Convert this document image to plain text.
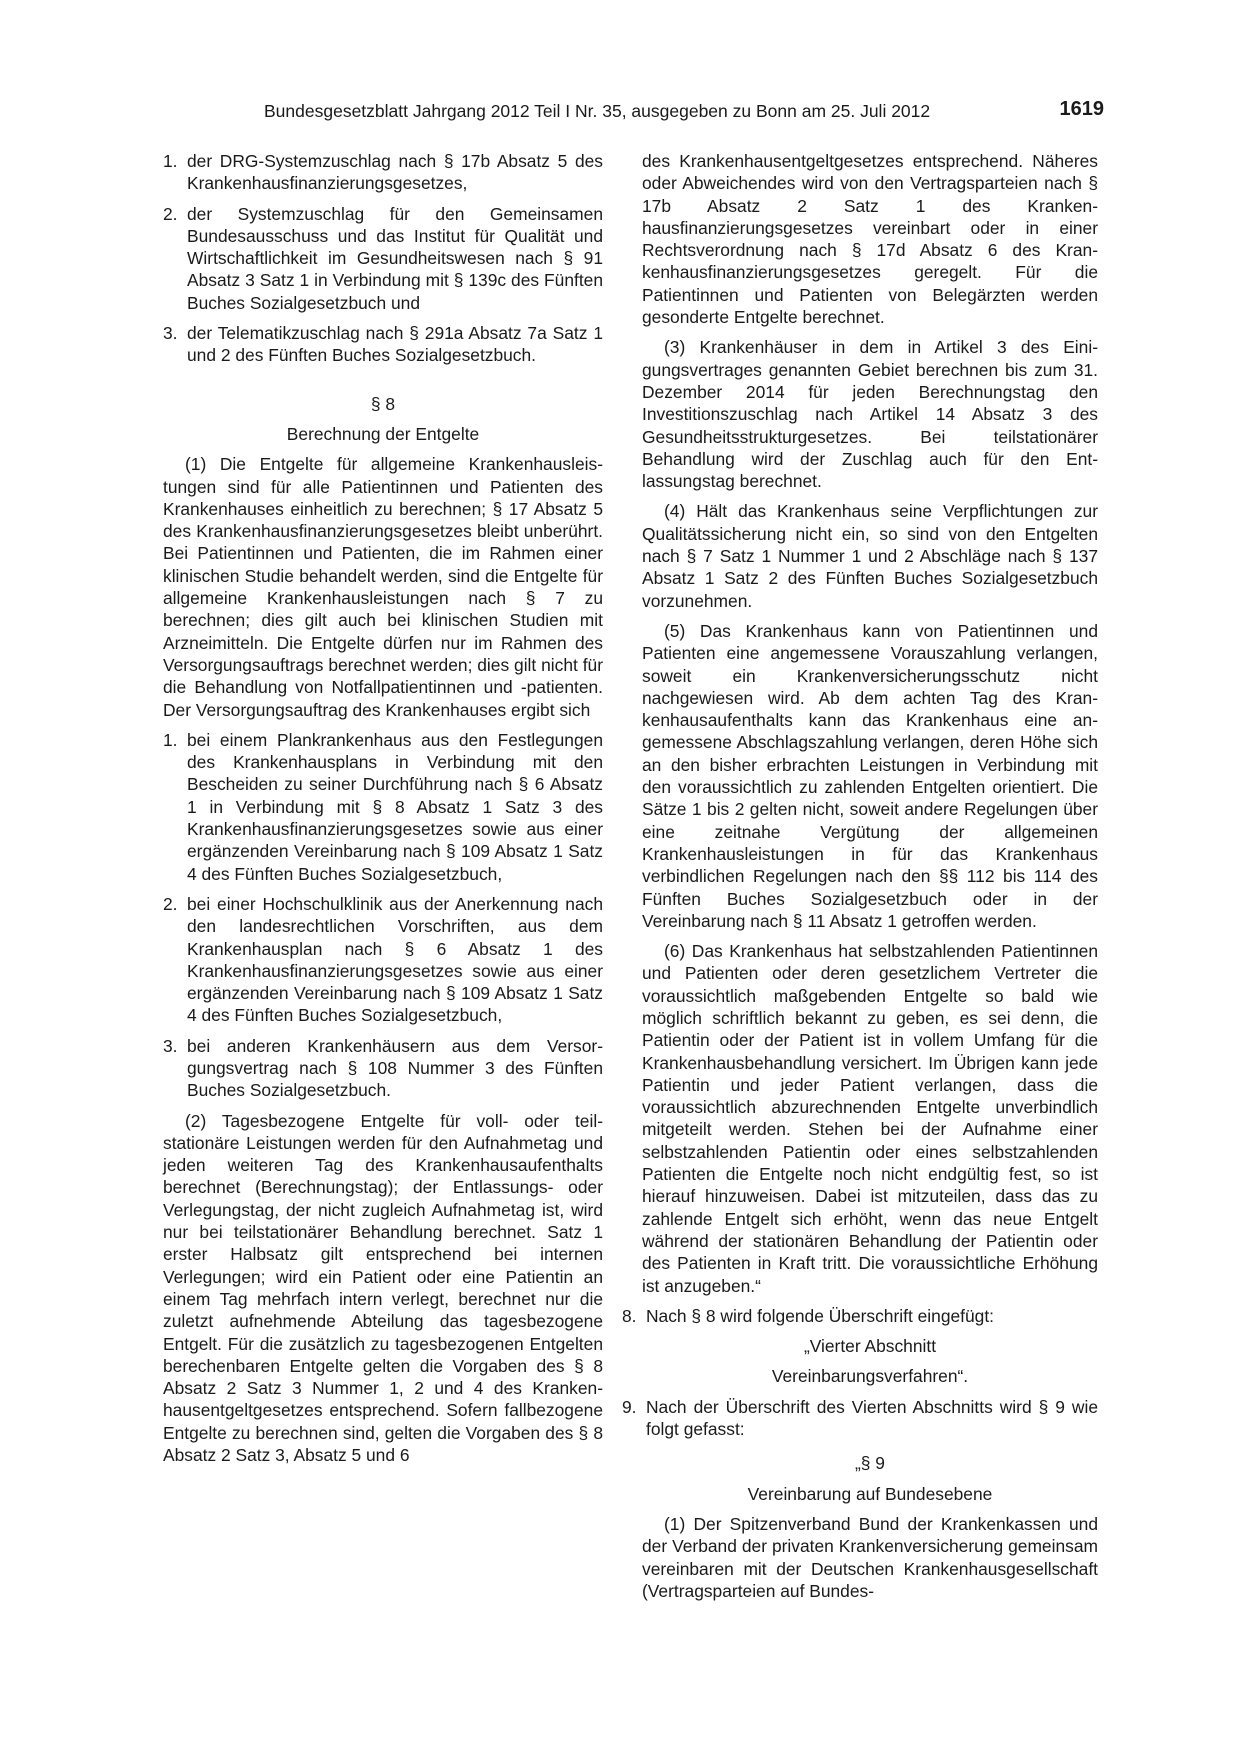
Bundesgesetzblatt Jahrgang 2012 Teil I Nr. 35, ausgegeben zu Bonn am 25. Juli 2012	1619
1. der DRG-Systemzuschlag nach § 17b Absatz 5 des Krankenhausfinanzierungsgesetzes,
2. der Systemzuschlag für den Gemeinsamen Bundesausschuss und das Institut für Qualität und Wirtschaftlichkeit im Gesundheitswesen nach § 91 Absatz 3 Satz 1 in Verbindung mit § 139c des Fünften Buches Sozialgesetzbuch und
3. der Telematikzuschlag nach § 291a Absatz 7a Satz 1 und 2 des Fünften Buches Sozialgesetzbuch.

§ 8

Berechnung der Entgelte

(1) Die Entgelte für allgemeine Krankenhausleistungen sind für alle Patientinnen und Patienten des Krankenhauses einheitlich zu berechnen; § 17 Absatz 5 des Krankenhausfinanzierungsgesetzes bleibt unberührt. Bei Patientinnen und Patienten, die im Rahmen einer klinischen Studie behandelt werden, sind die Entgelte für allgemeine Krankenhausleistungen nach § 7 zu berechnen; dies gilt auch bei klinischen Studien mit Arzneimitteln. Die Entgelte dürfen nur im Rahmen des Versorgungsauftrags berechnet werden; dies gilt nicht für die Behandlung von Notfallpatientinnen und -patienten. Der Versorgungsauftrag des Krankenhauses ergibt sich

1. bei einem Plankrankenhaus aus den Festlegungen des Krankenhausplans in Verbindung mit den Bescheiden zu seiner Durchführung nach § 6 Absatz 1 in Verbindung mit § 8 Absatz 1 Satz 3 des Krankenhausfinanzierungsgesetzes sowie aus einer ergänzenden Vereinbarung nach § 109 Absatz 1 Satz 4 des Fünften Buches Sozialgesetzbuch,
2. bei einer Hochschulklinik aus der Anerkennung nach den landesrechtlichen Vorschriften, aus dem Krankenhausplan nach § 6 Absatz 1 des Krankenhausfinanzierungsgesetzes sowie aus einer ergänzenden Vereinbarung nach § 109 Absatz 1 Satz 4 des Fünften Buches Sozialgesetzbuch,
3. bei anderen Krankenhäusern aus dem Versorgungsvertrag nach § 108 Nummer 3 des Fünften Buches Sozialgesetzbuch.

(2) Tagesbezogene Entgelte für voll- oder teilstationäre Leistungen werden für den Aufnahmetag und jeden weiteren Tag des Krankenhausaufenthalts berechnet (Berechnungstag); der Entlassungs- oder Verlegungstag, der nicht zugleich Aufnahmetag ist, wird nur bei teilstationärer Behandlung berechnet. Satz 1 erster Halbsatz gilt entsprechend bei internen Verlegungen; wird ein Patient oder eine Patientin an einem Tag mehrfach intern verlegt, berechnet nur die zuletzt aufnehmende Abteilung das tagesbezogene Entgelt. Für die zusätzlich zu tagesbezogenen Entgelten berechenbaren Entgelte gelten die Vorgaben des § 8 Absatz 2 Satz 3 Nummer 1, 2 und 4 des Krankenhausentgeltgesetzes entsprechend. Sofern fallbezogene Entgelte zu berechnen sind, gelten die Vorgaben des § 8 Absatz 2 Satz 3, Absatz 5 und 6

des Krankenhausentgeltgesetzes entsprechend. Näheres oder Abweichendes wird von den Vertragsparteien nach § 17b Absatz 2 Satz 1 des Krankenhausfinanzierungsgesetzes vereinbart oder in einer Rechtsverordnung nach § 17d Absatz 6 des Krankenhausfinanzierungsgesetzes geregelt. Für die Patientinnen und Patienten von Belegärzten werden gesonderte Entgelte berechnet.

(3) Krankenhäuser in dem in Artikel 3 des Einigungsvertrages genannten Gebiet berechnen bis zum 31. Dezember 2014 für jeden Berechnungstag den Investitionszuschlag nach Artikel 14 Absatz 3 des Gesundheitsstrukturgesetzes. Bei teilstationärer Behandlung wird der Zuschlag auch für den Entlassungstag berechnet.

(4) Hält das Krankenhaus seine Verpflichtungen zur Qualitätssicherung nicht ein, so sind von den Entgelten nach § 7 Satz 1 Nummer 1 und 2 Abschläge nach § 137 Absatz 1 Satz 2 des Fünften Buches Sozialgesetzbuch vorzunehmen.

(5) Das Krankenhaus kann von Patientinnen und Patienten eine angemessene Vorauszahlung verlangen, soweit ein Krankenversicherungsschutz nicht nachgewiesen wird. Ab dem achten Tag des Krankenhausaufenthalts kann das Krankenhaus eine angemessene Abschlagszahlung verlangen, deren Höhe sich an den bisher erbrachten Leistungen in Verbindung mit den voraussichtlich zu zahlenden Entgelten orientiert. Die Sätze 1 bis 2 gelten nicht, soweit andere Regelungen über eine zeitnahe Vergütung der allgemeinen Krankenhausleistungen in für das Krankenhaus verbindlichen Regelungen nach den §§ 112 bis 114 des Fünften Buches Sozialgesetzbuch oder in der Vereinbarung nach § 11 Absatz 1 getroffen werden.

(6) Das Krankenhaus hat selbstzahlenden Patientinnen und Patienten oder deren gesetzlichem Vertreter die voraussichtlich maßgebenden Entgelte so bald wie möglich schriftlich bekannt zu geben, es sei denn, die Patientin oder der Patient ist in vollem Umfang für die Krankenhausbehandlung versichert. Im Übrigen kann jede Patientin und jeder Patient verlangen, dass die voraussichtlich abzurechnenden Entgelte unverbindlich mitgeteilt werden. Stehen bei der Aufnahme einer selbstzahlenden Patientin oder eines selbstzahlenden Patienten die Entgelte noch nicht endgültig fest, so ist hierauf hinzuweisen. Dabei ist mitzuteilen, dass das zu zahlende Entgelt sich erhöht, wenn das neue Entgelt während der stationären Behandlung der Patientin oder des Patienten in Kraft tritt. Die voraussichtliche Erhöhung ist anzugeben.“

8. Nach § 8 wird folgende Überschrift eingefügt:

„Vierter Abschnitt

Vereinbarungsverfahren“.

9. Nach der Überschrift des Vierten Abschnitts wird § 9 wie folgt gefasst:

„§ 9

Vereinbarung auf Bundesebene

(1) Der Spitzenverband Bund der Krankenkassen und der Verband der privaten Krankenversicherung gemeinsam vereinbaren mit der Deutschen Krankenhausgesellschaft (Vertragsparteien auf Bundes-
